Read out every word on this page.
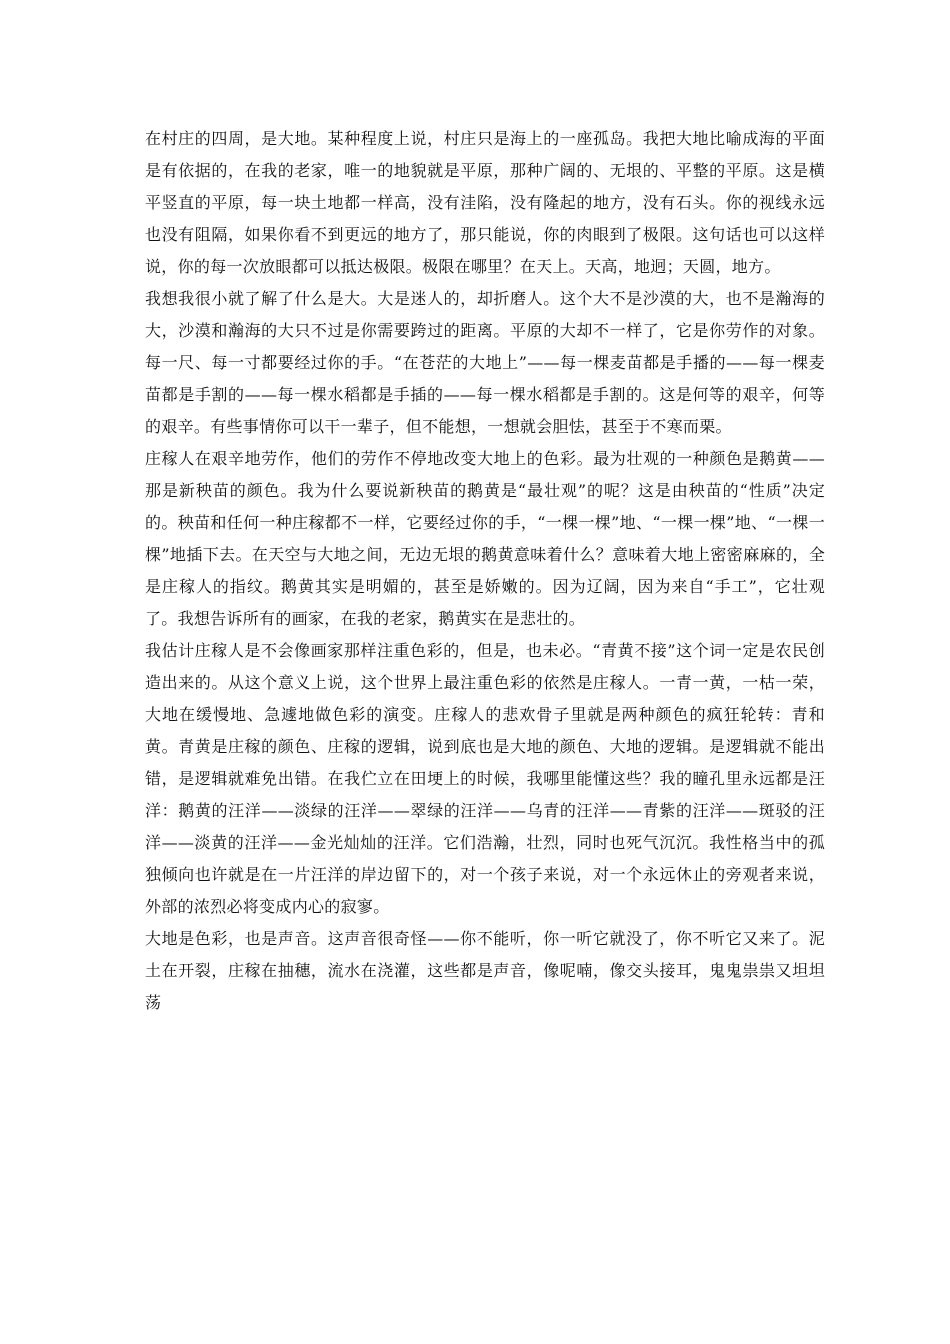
在村庄的四周，是大地。某种程度上说，村庄只是海上的一座孤岛。我把大地比喻成海的平面是有依据的，在我的老家，唯一的地貌就是平原，那种广阔的、无垠的、平整的平原。这是横平竖直的平原，每一块土地都一样高，没有洼陷，没有隆起的地方，没有石头。你的视线永远也没有阻隔，如果你看不到更远的地方了，那只能说，你的肉眼到了极限。这句话也可以这样说，你的每一次放眼都可以抵达极限。极限在哪里？在天上。天高，地迥；天圆，地方。

我想我很小就了解了什么是大。大是迷人的，却折磨人。这个大不是沙漠的大，也不是瀚海的大，沙漠和瀚海的大只不过是你需要跨过的距离。平原的大却不一样了，它是你劳作的对象。每一尺、每一寸都要经过你的手。“在苍茫的大地上”——每一棵麦苗都是手播的——每一棵麦苗都是手割的——每一棵水稻都是手插的——每一棵水稻都是手割的。这是何等的艰辛，何等的艰辛。有些事情你可以干一辈子，但不能想，一想就会胆怯，甚至于不寒而栗。

庄稼人在艰辛地劳作，他们的劳作不停地改变大地上的色彩。最为壮观的一种颜色是鹅黄——那是新秧苗的颜色。我为什么要说新秧苗的鹅黄是“最壮观”的呢？这是由秧苗的“性质”决定的。秧苗和任何一种庄稼都不一样，它要经过你的手，“一棵一棵”地、“一棵一棵”地、“一棵一棵”地插下去。在天空与大地之间，无边无垠的鹅黄意味着什么？意味着大地上密密麻麻的，全是庄稼人的指纹。鹅黄其实是明媚的，甚至是娇嫩的。因为辽阔，因为来自“手工”，它壮观了。我想告诉所有的画家，在我的老家，鹅黄实在是悲壮的。

我估计庄稼人是不会像画家那样注重色彩的，但是，也未必。“青黄不接”这个词一定是农民创造出来的。从这个意义上说，这个世界上最注重色彩的依然是庄稼人。一青一黄，一枯一荣，大地在缓慢地、急遽地做色彩的演变。庄稼人的悲欢骨子里就是两种颜色的疯狂轮转：青和黄。青黄是庄稼的颜色、庄稼的逻辑，说到底也是大地的颜色、大地的逻辑。是逻辑就不能出错，是逻辑就难免出错。在我伫立在田埂上的时候，我哪里能懂这些？我的瞳孔里永远都是汪洋：鹅黄的汪洋——淡绿的汪洋——翠绿的汪洋——乌青的汪洋——青紫的汪洋——斑驳的汪洋——淡黄的汪洋——金光灿灿的汪洋。它们浩瀚，壮烈，同时也死气沉沉。我性格当中的孤独倾向也许就是在一片汪洋的岸边留下的，对一个孩子来说，对一个永远休止的旁观者来说，外部的浓烈必将变成内心的寂寥。

大地是色彩，也是声音。这声音很奇怪——你不能听，你一听它就没了，你不听它又来了。泥土在开裂，庄稼在抽穗，流水在浇灌，这些都是声音，像呢喃，像交头接耳，鬼鬼祟祟又坦坦荡
